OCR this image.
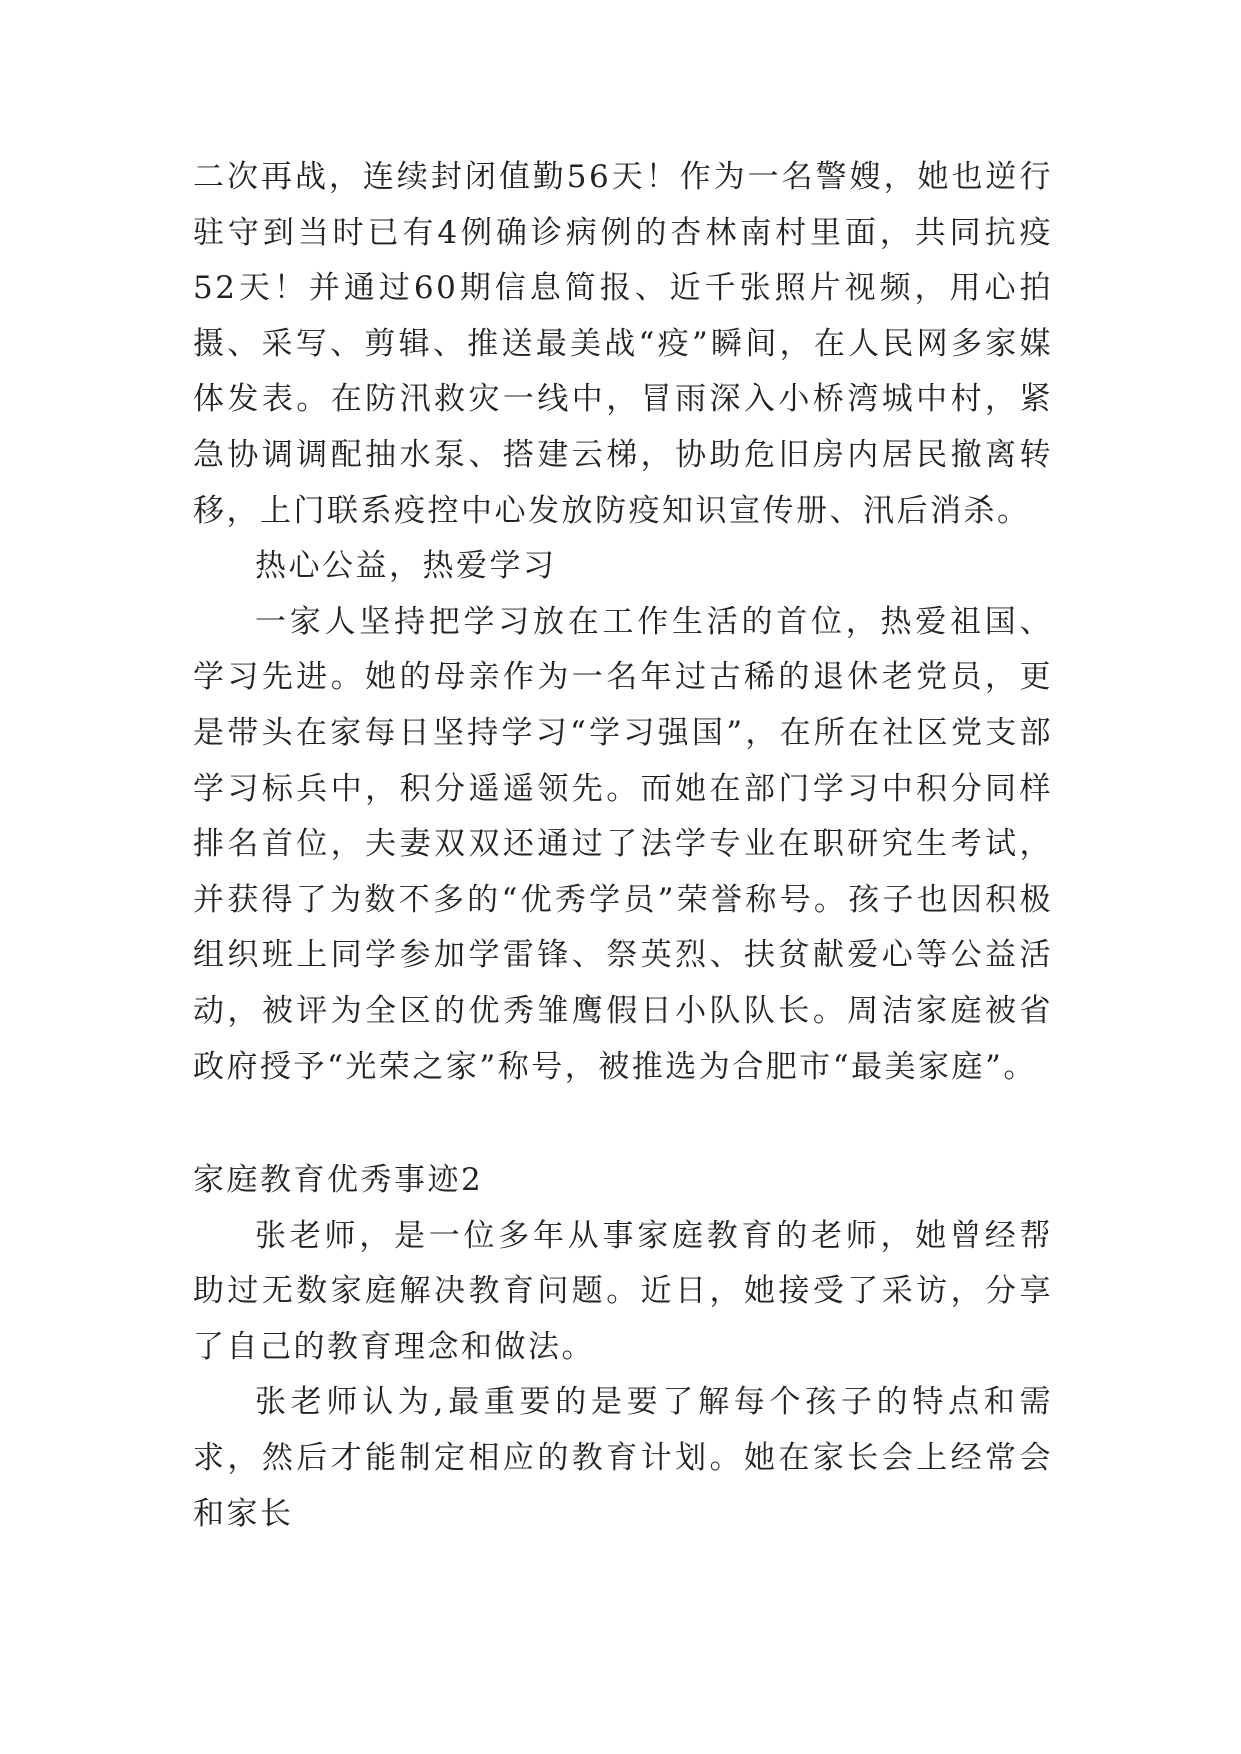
二次再战，连续封闭值勤56天！作为一名警嫂，她也逆行驻守到当时已有4例确诊病例的杏林南村里面，共同抗疫52天！并通过60期信息简报、近千张照片视频，用心拍摄、采写、剪辑、推送最美战“疫”瞬间，在人民网多家媒体发表。在防汛救灾一线中，冒雨深入小桥湾城中村，紧急协调调配抽水泵、搭建云梯，协助危旧房内居民撤离转移，上门联系疫控中心发放防疫知识宣传册、汛后消杀。

热心公益，热爱学习

一家人坚持把学习放在工作生活的首位，热爱祖国、学习先进。她的母亲作为一名年过古稀的退休老党员，更是带头在家每日坚持学习“学习强国”，在所在社区党支部学习标兵中，积分遥遥领先。而她在部门学习中积分同样排名首位，夫妻双双还通过了法学专业在职研究生考试，并获得了为数不多的“优秀学员”荣誉称号。孩子也因积极组织班上同学参加学雷锋、祭英烈、扶贫献爱心等公益活动，被评为全区的优秀雏鹰假日小队队长。周洁家庭被省政府授予“光荣之家”称号，被推选为合肥市“最美家庭”。

家庭教育优秀事迹2

张老师，是一位多年从事家庭教育的老师，她曾经帮助过无数家庭解决教育问题。近日，她接受了采访，分享了自己的教育理念和做法。

张老师认为,最重要的是要了解每个孩子的特点和需求，然后才能制定相应的教育计划。她在家长会上经常会和家长
